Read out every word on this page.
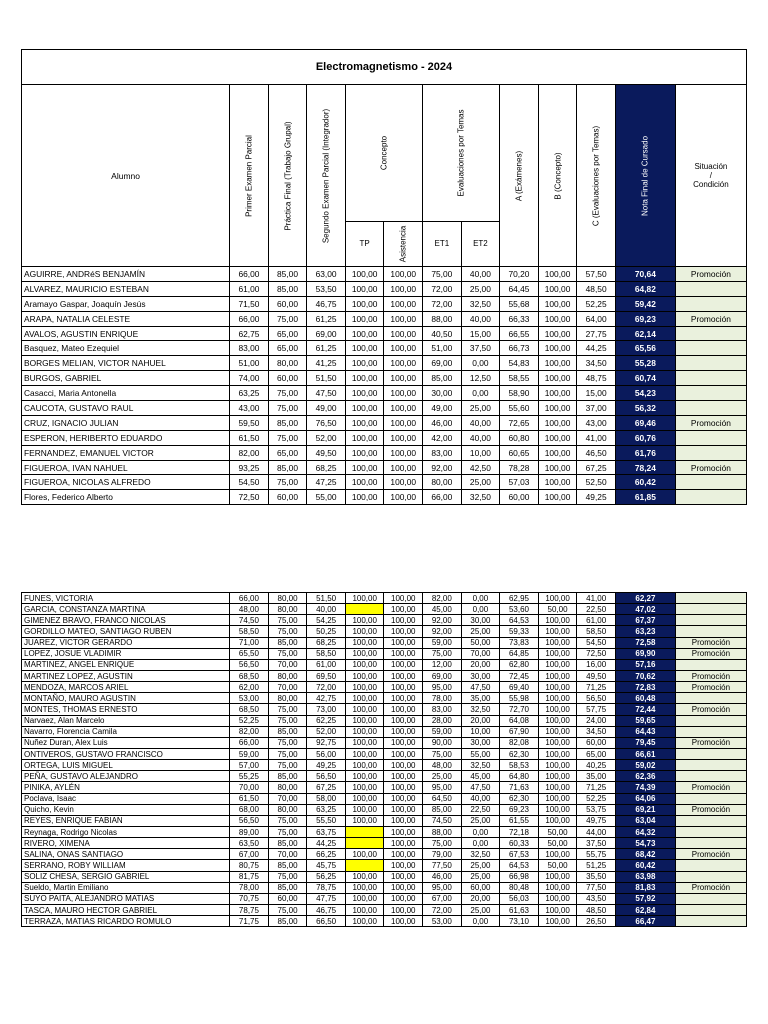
Electromagnetismo - 2024												
Alumno	Primer Examen Parcial	Práctica Final (Trabajo Grupal)	Segundo Examen Parcial (Integrador)	Concepto		Evaluaciones por Temas		A (Exámenes)	B (Concepto)	C (Evaluaciones por Temas)	Nota Final de Cursado	Situación
/
Condición
				TP	Asistencia	ET1	ET2					
AGUIRRE, ANDRéS BENJAMÍN	66,00	85,00	63,00	100,00	100,00	75,00	40,00	70,20	100,00	57,50	70,64	Promoción
ALVAREZ, MAURICIO ESTEBAN	61,00	85,00	53,50	100,00	100,00	72,00	25,00	64,45	100,00	48,50	64,82	
Aramayo Gaspar, Joaquín Jesús	71,50	60,00	46,75	100,00	100,00	72,00	32,50	55,68	100,00	52,25	59,42	
ARAPA, NATALIA CELESTE	66,00	75,00	61,25	100,00	100,00	88,00	40,00	66,33	100,00	64,00	69,23	Promoción
AVALOS, AGUSTIN ENRIQUE	62,75	65,00	69,00	100,00	100,00	40,50	15,00	66,55	100,00	27,75	62,14	
Basquez, Mateo Ezequiel	83,00	65,00	61,25	100,00	100,00	51,00	37,50	66,73	100,00	44,25	65,56	
BORGES MELIAN, VICTOR NAHUEL	51,00	80,00	41,25	100,00	100,00	69,00	0,00	54,83	100,00	34,50	55,28	
BURGOS, GABRIEL	74,00	60,00	51,50	100,00	100,00	85,00	12,50	58,55	100,00	48,75	60,74	
Casacci, Maria Antonella	63,25	75,00	47,50	100,00	100,00	30,00	0,00	58,90	100,00	15,00	54,23	
CAUCOTA, GUSTAVO RAUL	43,00	75,00	49,00	100,00	100,00	49,00	25,00	55,60	100,00	37,00	56,32	
CRUZ, IGNACIO JULIAN	59,50	85,00	76,50	100,00	100,00	46,00	40,00	72,65	100,00	43,00	69,46	Promoción
ESPERON, HERIBERTO EDUARDO	61,50	75,00	52,00	100,00	100,00	42,00	40,00	60,80	100,00	41,00	60,76	
FERNANDEZ, EMANUEL VICTOR	82,00	65,00	49,50	100,00	100,00	83,00	10,00	60,65	100,00	46,50	61,76	
FIGUEROA, IVAN NAHUEL	93,25	85,00	68,25	100,00	100,00	92,00	42,50	78,28	100,00	67,25	78,24	Promoción
FIGUEROA, NICOLAS ALFREDO	54,50	75,00	47,25	100,00	100,00	80,00	25,00	57,03	100,00	52,50	60,42	
Flores, Federico Alberto	72,50	60,00	55,00	100,00	100,00	66,00	32,50	60,00	100,00	49,25	61,85	
FUNES, VICTORIA	66,00	80,00	51,50	100,00	100,00	82,00	0,00	62,95	100,00	41,00	62,27	
GARCIA, CONSTANZA MARTINA	48,00	80,00	40,00		100,00	45,00	0,00	53,60	50,00	22,50	47,02	
GIMENEZ BRAVO, FRANCO NICOLAS	74,50	75,00	54,25	100,00	100,00	92,00	30,00	64,53	100,00	61,00	67,37	
GORDILLO MATEO, SANTIAGO RUBEN	58,50	75,00	50,25	100,00	100,00	92,00	25,00	59,33	100,00	58,50	63,23	
JUAREZ, VICTOR GERARDO	71,00	85,00	68,25	100,00	100,00	59,00	50,00	73,83	100,00	54,50	72,58	Promoción
LOPEZ, JOSUE VLADIMIR	65,50	75,00	58,50	100,00	100,00	75,00	70,00	64,85	100,00	72,50	69,90	Promoción
MARTINEZ, ANGEL ENRIQUE	56,50	70,00	61,00	100,00	100,00	12,00	20,00	62,80	100,00	16,00	57,16	
MARTINEZ LOPEZ, AGUSTIN	68,50	80,00	69,50	100,00	100,00	69,00	30,00	72,45	100,00	49,50	70,62	Promoción
MENDOZA, MARCOS ARIEL	62,00	70,00	72,00	100,00	100,00	95,00	47,50	69,40	100,00	71,25	72,83	Promoción
MONTAÑO, MAURO AGUSTIN	53,00	80,00	42,75	100,00	100,00	78,00	35,00	55,98	100,00	56,50	60,48	
MONTES, THOMAS ERNESTO	68,50	75,00	73,00	100,00	100,00	83,00	32,50	72,70	100,00	57,75	72,44	Promoción
Narvaez, Alan Marcelo	52,25	75,00	62,25	100,00	100,00	28,00	20,00	64,08	100,00	24,00	59,65	
Navarro, Florencia Camila	82,00	85,00	52,00	100,00	100,00	59,00	10,00	67,90	100,00	34,50	64,43	
Nuñez Duran, Alex Luis	66,00	75,00	92,75	100,00	100,00	90,00	30,00	82,08	100,00	60,00	79,45	Promoción
ONTIVEROS, GUSTAVO FRANCISCO	59,00	75,00	56,00	100,00	100,00	75,00	55,00	62,30	100,00	65,00	66,61	
ORTEGA, LUIS MIGUEL	57,00	75,00	49,25	100,00	100,00	48,00	32,50	58,53	100,00	40,25	59,02	
PEÑA, GUSTAVO ALEJANDRO	55,25	85,00	56,50	100,00	100,00	25,00	45,00	64,80	100,00	35,00	62,36	
PINIKA, AYLÉN	70,00	80,00	67,25	100,00	100,00	95,00	47,50	71,63	100,00	71,25	74,39	Promoción
Poclava, Isaac	61,50	70,00	58,00	100,00	100,00	64,50	40,00	62,30	100,00	52,25	64,06	
Quicho, Kevin	68,00	80,00	63,25	100,00	100,00	85,00	22,50	69,23	100,00	53,75	69,21	Promoción
REYES, ENRIQUE FABIAN	56,50	75,00	55,50	100,00	100,00	74,50	25,00	61,55	100,00	49,75	63,04	
Reynaga, Rodrigo Nicolas	89,00	75,00	63,75		100,00	88,00	0,00	72,18	50,00	44,00	64,32	
RIVERO, XIMENA	63,50	85,00	44,25		100,00	75,00	0,00	60,33	50,00	37,50	54,73	
SALINA, ONAS SANTIAGO	67,00	70,00	66,25	100,00	100,00	79,00	32,50	67,53	100,00	55,75	68,42	Promoción
SERRANO, ROBY WILLIAM	80,75	85,00	45,75		100,00	77,50	25,00	64,53	50,00	51,25	60,42	
SOLIZ CHESA, SERGIO GABRIEL	81,75	75,00	56,25	100,00	100,00	46,00	25,00	66,98	100,00	35,50	63,98	
Sueldo, Martin Emiliano	78,00	85,00	78,75	100,00	100,00	95,00	60,00	80,48	100,00	77,50	81,83	Promoción
SUYO PAITA, ALEJANDRO MATIAS	70,75	60,00	47,75	100,00	100,00	67,00	20,00	56,03	100,00	43,50	57,92	
TASCA, MAURO HECTOR GABRIEL	78,75	75,00	46,75	100,00	100,00	72,00	25,00	61,63	100,00	48,50	62,84	
TERRAZA, MATIAS RICARDO ROMULO	71,75	85,00	66,50	100,00	100,00	53,00	0,00	73,10	100,00	26,50	66,47	
